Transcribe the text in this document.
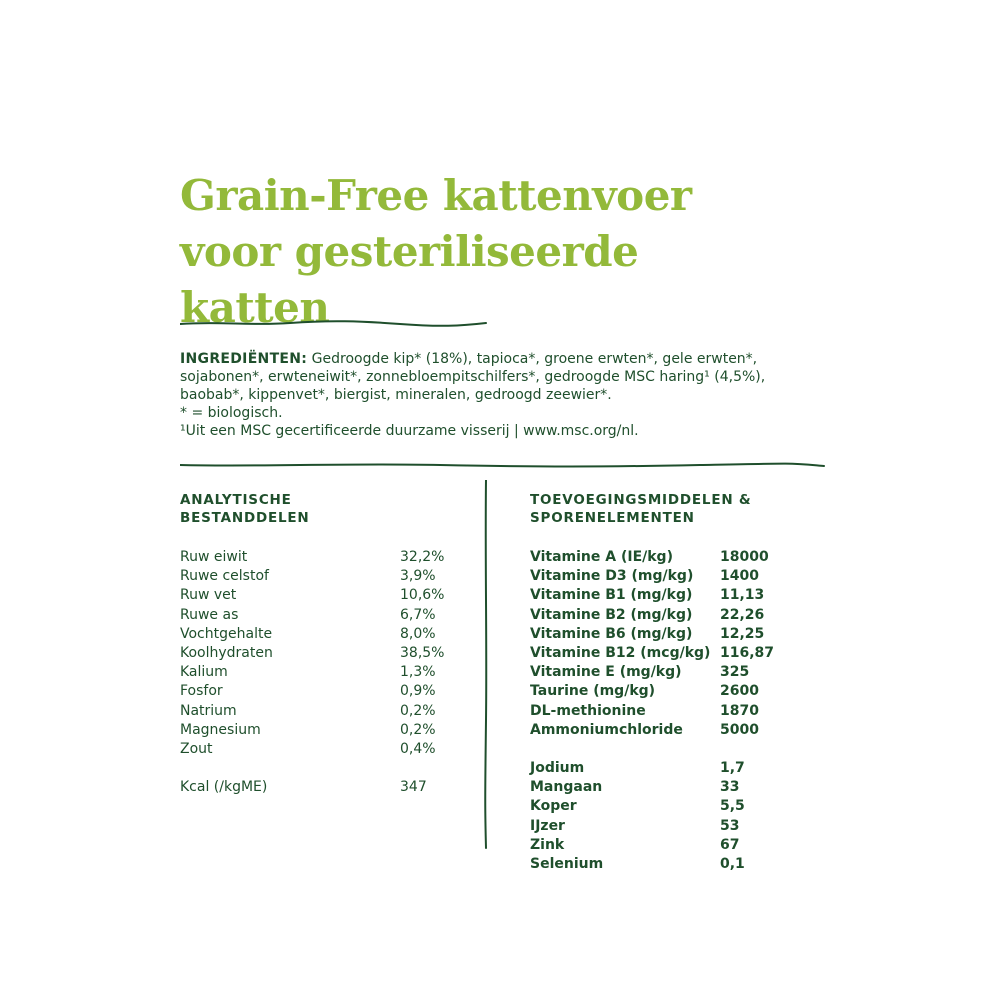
Grain-Free kattenvoer
voor gesteriliseerde
katten
INGREDIËNTEN: Gedroogde kip* (18%), tapioca*, groene erwten*, gele erwten*,
sojabonen*, erwteneiwit*, zonnebloempitschilfers*, gedroogde MSC haring¹ (4,5%),
baobab*, kippenvet*, biergist, mineralen, gedroogd zeewier*.
* = biologisch.
¹Uit een MSC gecertificeerde duurzame visserij | www.msc.org/nl.
ANALYTISCHE
BESTANDDELEN
Ruw eiwit	32,2%
Ruwe celstof	3,9%
Ruw vet	10,6%
Ruwe as	6,7%
Vochtgehalte	8,0%
Koolhydraten	38,5%
Kalium	1,3%
Fosfor	0,9%
Natrium	0,2%
Magnesium	0,2%
Zout	0,4%
Kcal (/kgME)	347
TOEVOEGINGSMIDDELEN &
SPORENELEMENTEN
Vitamine A (IE/kg)	18000
Vitamine D3 (mg/kg) 1400
Vitamine B1 (mg/kg) 11,13
Vitamine B2 (mg/kg) 22,26
Vitamine B6 (mg/kg) 12,25
Vitamine B12 (mcg/kg) 116,87
Vitamine E (mg/kg)	325
Taurine (mg/kg)	2600
DL-methionine	1870
Ammoniumchloride	5000
Jodium	1,7
Mangaan	33
Koper	5,5
IJzer	53
Zink	67
Selenium	0,1
